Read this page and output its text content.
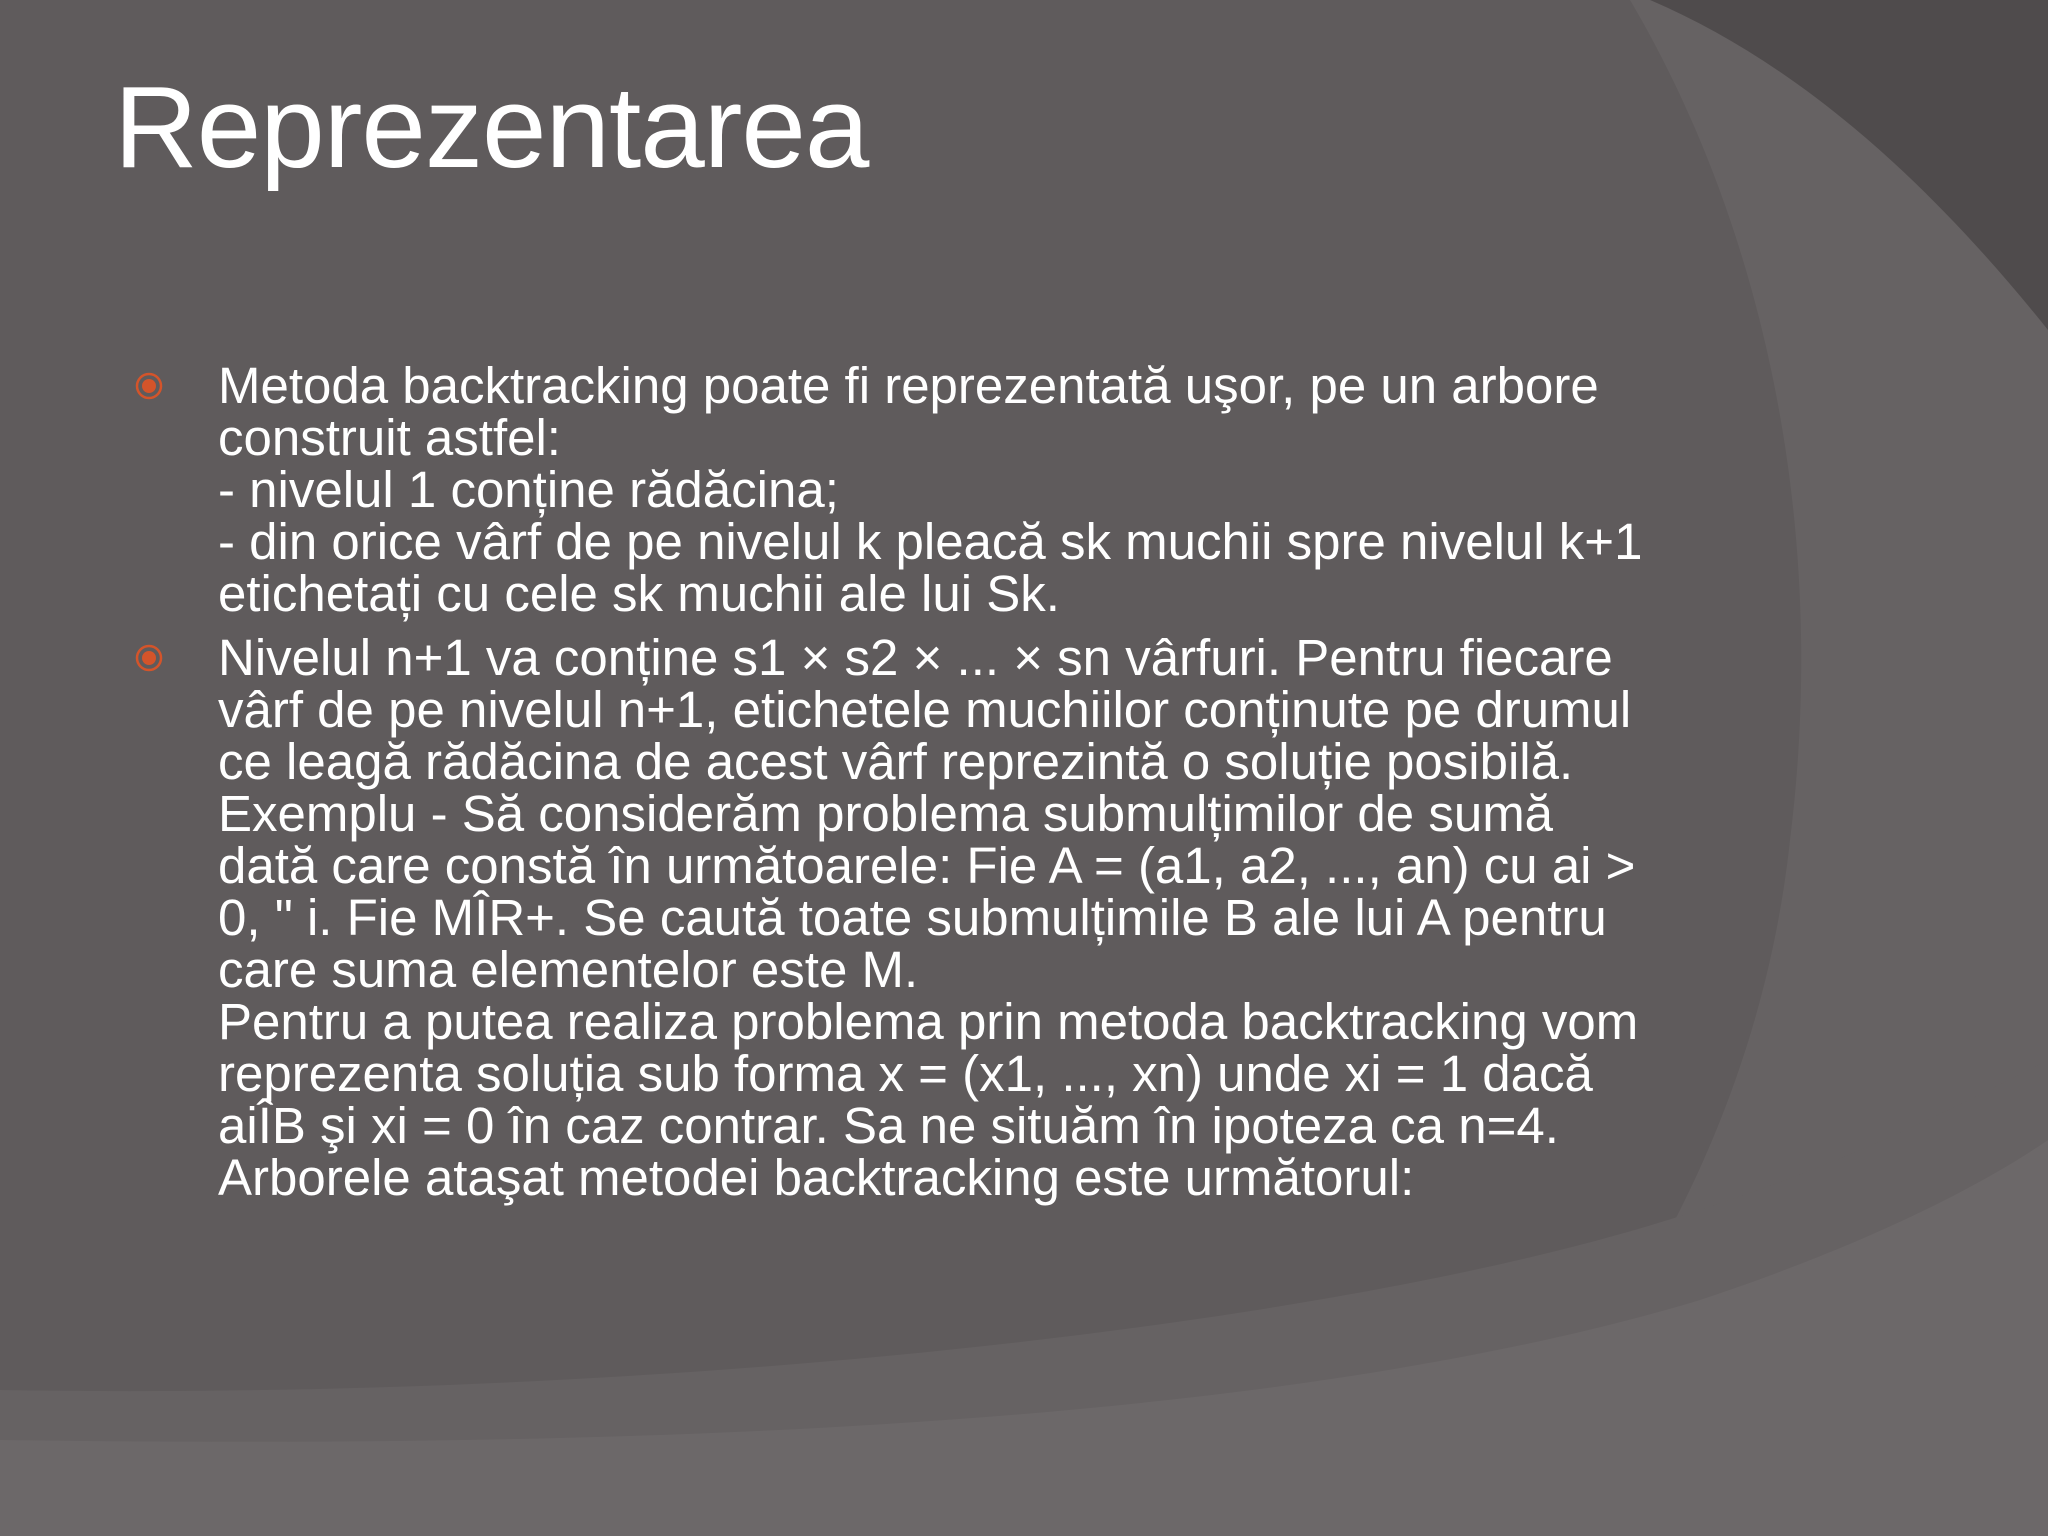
Reprezentarea
Metoda backtracking poate fi reprezentată uşor, pe un arbore
construit astfel:
- nivelul 1 conține rădăcina;
- din orice vârf de pe nivelul k pleacă sk muchii spre nivelul k+1
etichetați cu cele sk muchii ale lui Sk.
Nivelul n+1 va conține s1 × s2 × ... × sn vârfuri. Pentru fiecare
vârf de pe nivelul n+1, etichetele muchiilor conținute pe drumul
ce leagă rădăcina de acest vârf reprezintă o soluție posibilă.
Exemplu - Să considerăm problema submulțimilor de sumă
dată care constă în următoarele: Fie A = (a1, a2, ..., an) cu ai >
0, " i. Fie MÎR+. Se caută toate submulțimile B ale lui A pentru
care suma elementelor este M.
Pentru a putea realiza problema prin metoda backtracking vom
reprezenta soluția sub forma x = (x1, ..., xn) unde xi = 1 dacă
aiÎB şi xi = 0 în caz contrar. Sa ne situăm în ipoteza ca n=4.
Arborele ataşat metodei backtracking este următorul:
